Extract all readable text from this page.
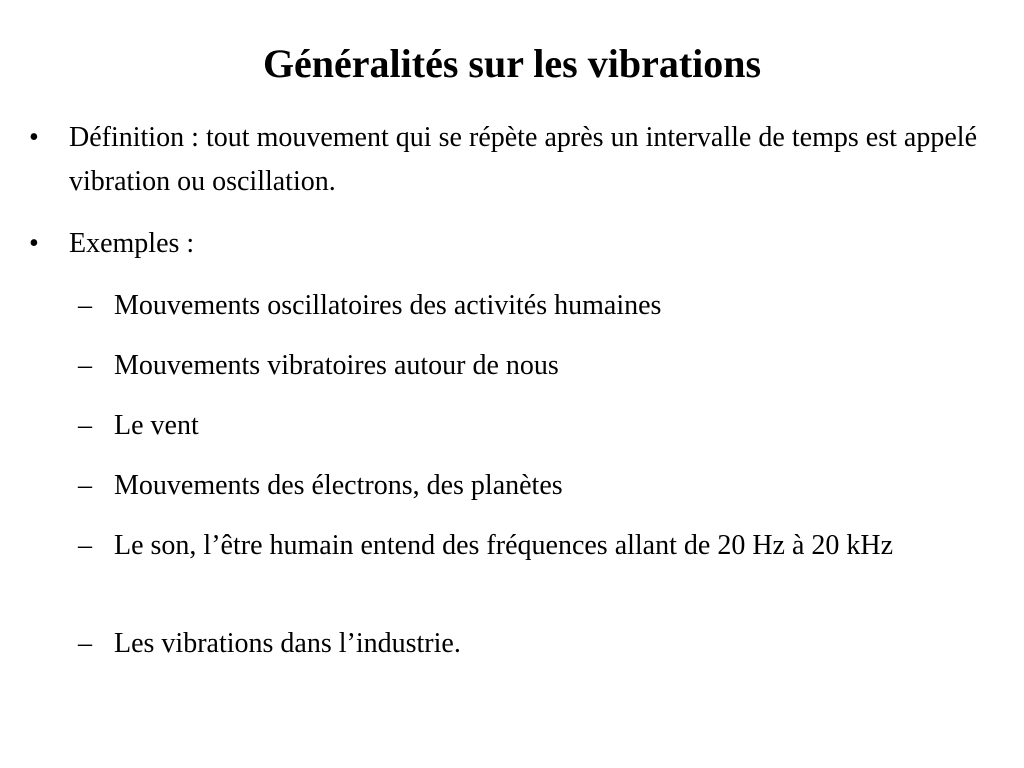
Généralités sur les vibrations
•	Définition : tout mouvement qui se répète après un intervalle de temps est appelé vibration ou oscillation.
•	Exemples :
– Mouvements oscillatoires des activités humaines
– Mouvements vibratoires autour de nous
– Le vent
– Mouvements des électrons, des planètes
– Le son, l’être humain entend des fréquences allant de 20 Hz à 20 kHz
– Les vibrations dans l’industrie.
